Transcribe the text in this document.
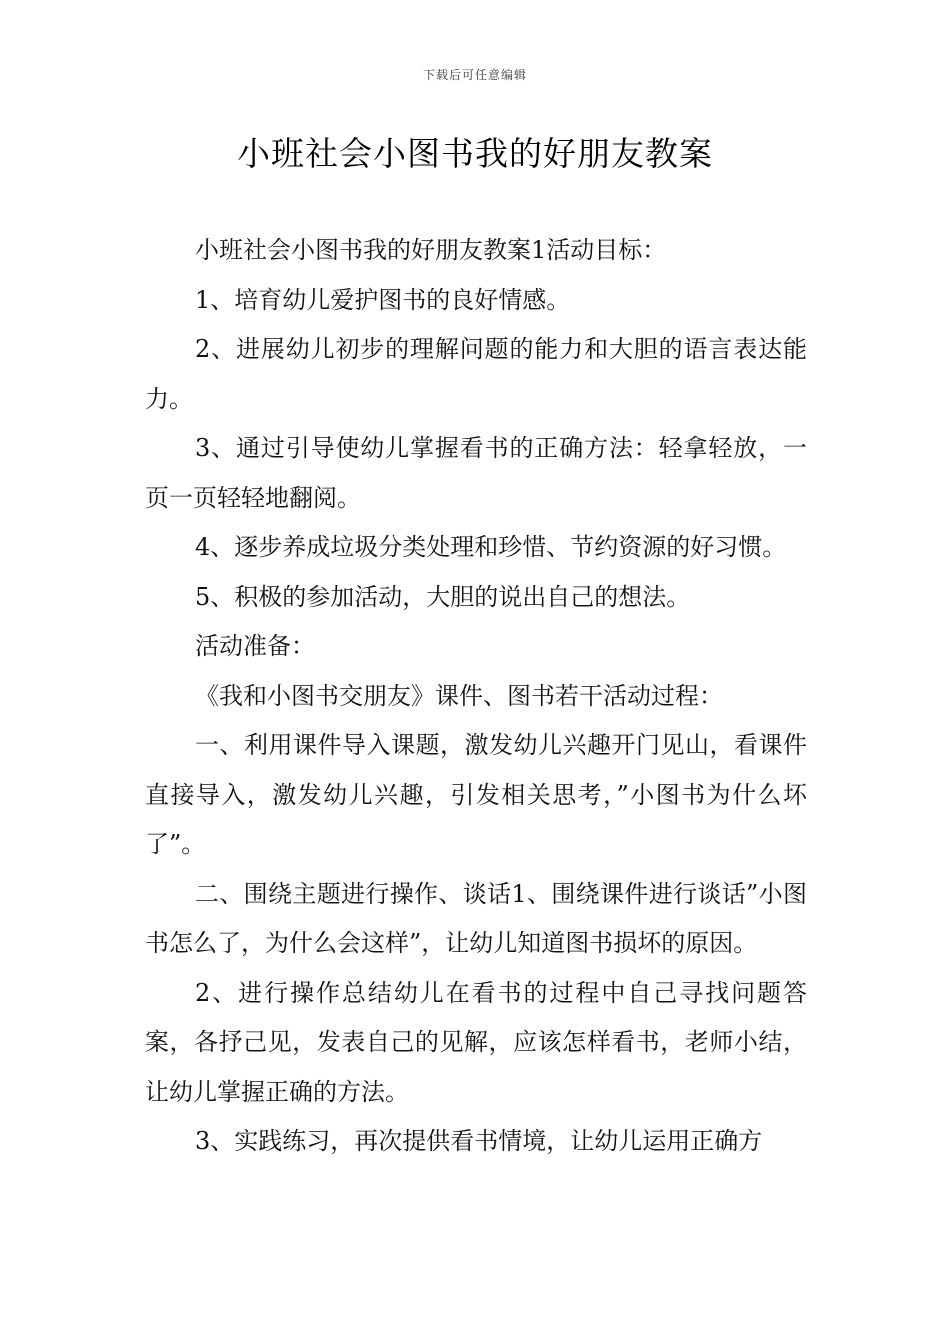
下载后可任意编辑
小班社会小图书我的好朋友教案

小班社会小图书我的好朋友教案1活动目标：

1、培育幼儿爱护图书的良好情感。

2、进展幼儿初步的理解问题的能力和大胆的语言表达能力。

3、通过引导使幼儿掌握看书的正确方法：轻拿轻放，一页一页轻轻地翻阅。

4、逐步养成垃圾分类处理和珍惜、节约资源的好习惯。

5、积极的参加活动，大胆的说出自己的想法。

活动准备：

《我和小图书交朋友》课件、图书若干活动过程：

一、利用课件导入课题，激发幼儿兴趣开门见山，看课件直接导入，激发幼儿兴趣，引发相关思考，”小图书为什么坏了”。

二、围绕主题进行操作、谈话1、围绕课件进行谈话”小图书怎么了，为什么会这样”，让幼儿知道图书损坏的原因。

2、进行操作总结幼儿在看书的过程中自己寻找问题答案，各抒己见，发表自己的见解，应该怎样看书，老师小结，让幼儿掌握正确的方法。

3、实践练习，再次提供看书情境，让幼儿运用正确方
